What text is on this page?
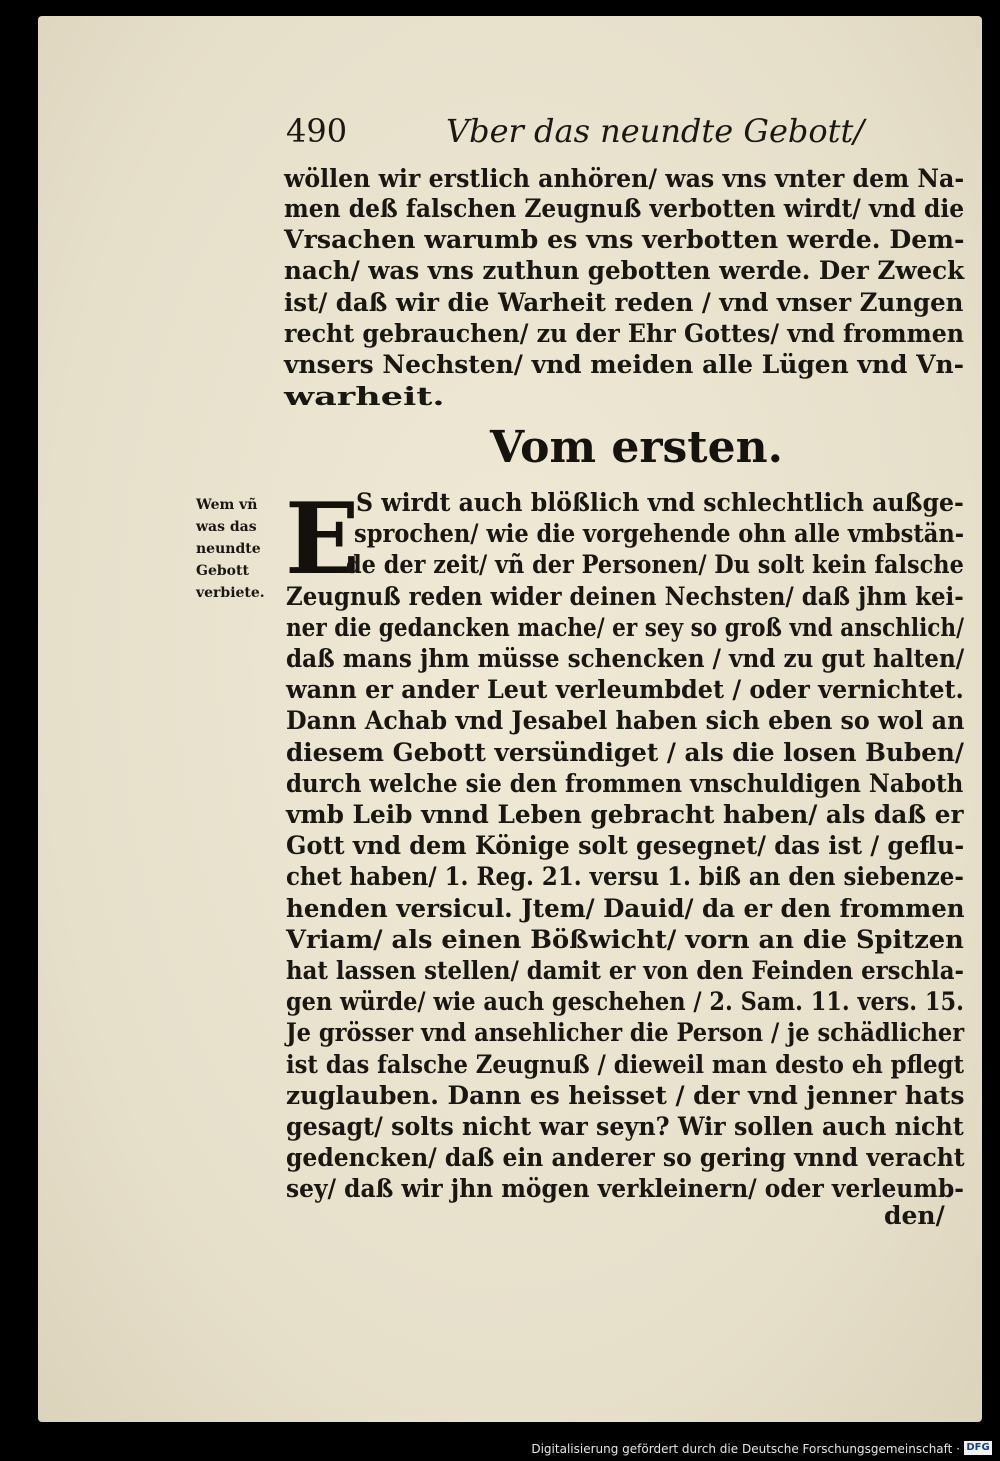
490	Vber das neundte Gebott/
wöllen wir erstlich anhören/ was vns vnter dem Na-
men deß falschen Zeugnuß verbotten wirdt/ vnd die
Vrsachen warumb es vns verbotten werde. Dem-
nach/ was vns zuthun gebotten werde. Der Zweck
ist/ daß wir die Warheit reden / vnd vnser Zungen
recht gebrauchen/ zu der Ehr Gottes/ vnd frommen
vnsers Nechsten/ vnd meiden alle Lügen vnd Vn-
warheit.
Vom ersten.
Wem vñ
was das
neundte
Gebott
verbiete. E
S wirdt auch blößlich vnd schlechtlich außge-
sprochen/ wie die vorgehende ohn alle vmbstän-
de der zeit/ vñ der Personen/ Du solt kein falsche
Zeugnuß reden wider deinen Nechsten/ daß jhm kei-
ner die gedancken mache/ er sey so groß vnd anschlich/
daß mans jhm müsse schencken / vnd zu gut halten/
wann er ander Leut verleumbdet / oder vernichtet.
Dann Achab vnd Jesabel haben sich eben so wol an
diesem Gebott versündiget / als die losen Buben/
durch welche sie den frommen vnschuldigen Naboth
vmb Leib vnnd Leben gebracht haben/ als daß er
Gott vnd dem Könige solt gesegnet/ das ist / geflu-
chet haben/ 1. Reg. 21. versu 1. biß an den siebenze-
henden versicul. Jtem/ Dauid/ da er den frommen
Vriam/ als einen Bößwicht/ vorn an die Spitzen
hat lassen stellen/ damit er von den Feinden erschla-
gen würde/ wie auch geschehen / 2. Sam. 11. vers. 15.
Je grösser vnd ansehlicher die Person / je schädlicher
ist das falsche Zeugnuß / dieweil man desto eh pflegt
zuglauben. Dann es heisset / der vnd jenner hats
gesagt/ solts nicht war seyn? Wir sollen auch nicht
gedencken/ daß ein anderer so gering vnnd veracht
sey/ daß wir jhn mögen verkleinern/ oder verleumb-
den/
Digitalisierung gefördert durch die Deutsche Forschungsgemeinschaft · DFG
